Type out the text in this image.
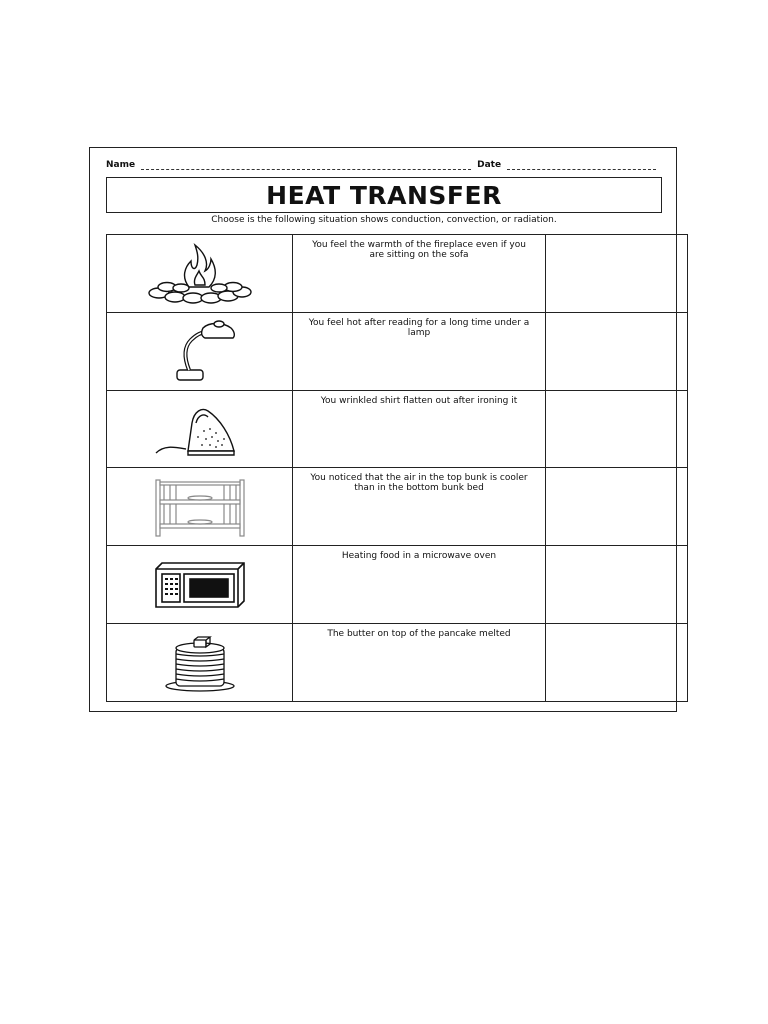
Name	Date
HEAT TRANSFER
Choose is the following situation shows conduction, convection, or radiation.
	You feel the warmth of the fireplace even if you are sitting on the sofa	

	You feel hot after reading for a long time under a lamp	

	You wrinkled shirt flatten out after ironing it	

	You noticed that the air in the top bunk is cooler than in the bottom bunk bed	

	Heating food in a microwave oven	

	The butter on top of the pancake melted	
